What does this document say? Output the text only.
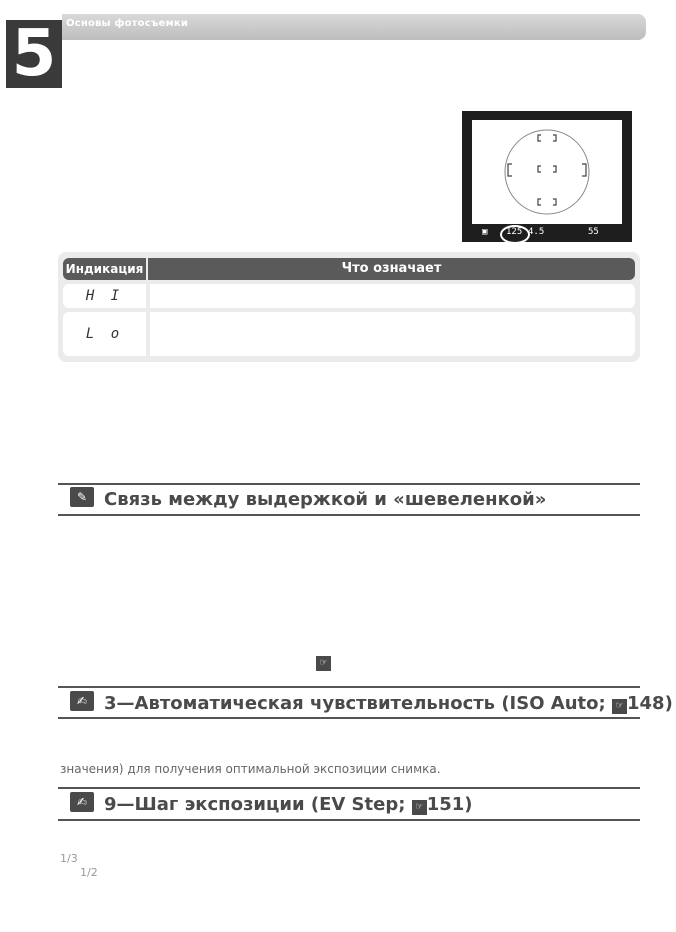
5 Основы фотосъемки
▣ 125 4.5	55
Индикация	Что означает
H I
L o
✎ Связь между выдержкой и «шевеленкой»
☞
✍ 3—Автоматическая чувствительность (ISO Auto; ☞ 148)
значения) для получения оптимальной экспозиции снимка.
✍ 9—Шаг экспозиции (EV Step; ☞ 151)
1/3
1/2
